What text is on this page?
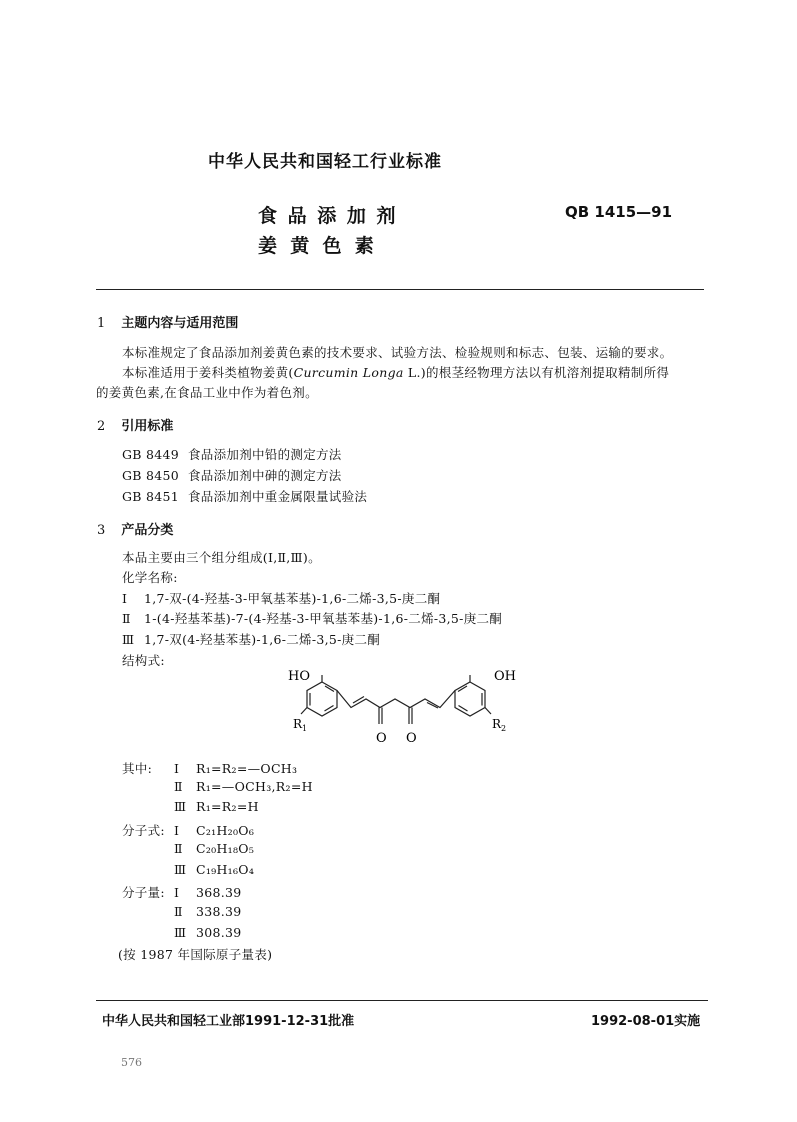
中华人民共和国轻工行业标准
食 品 添 加 剂
姜  黄  色  素
QB 1415—91
1 主题内容与适用范围
本标准规定了食品添加剂姜黄色素的技术要求、试验方法、检验规则和标志、包装、运输的要求。
本标准适用于姜科类植物姜黄(Curcumin Longa L.)的根茎经物理方法以有机溶剂提取精制所得
的姜黄色素,在食品工业中作为着色剂。
2 引用标准
GB 8449 食品添加剂中铅的测定方法
GB 8450 食品添加剂中砷的测定方法
GB 8451 食品添加剂中重金属限量试验法
3 产品分类
本品主要由三个组分组成(Ⅰ,Ⅱ,Ⅲ)。
化学名称:
Ⅰ 1,7-双-(4-羟基-3-甲氧基苯基)-1,6-二烯-3,5-庚二酮
Ⅱ 1-(4-羟基苯基)-7-(4-羟基-3-甲氧基苯基)-1,6-二烯-3,5-庚二酮
Ⅲ 1,7-双(4-羟基苯基)-1,6-二烯-3,5-庚二酮
结构式:
HO	OH
$R_1$	$R_2$
O O
其中: Ⅰ R₁=R₂=—OCH₃
Ⅱ R₁=—OCH₃,R₂=H
Ⅲ R₁=R₂=H
分子式: Ⅰ C₂₁H₂₀O₆
Ⅱ C₂₀H₁₈O₅
Ⅲ C₁₉H₁₆O₄
分子量: Ⅰ 368.39
Ⅱ 338.39
Ⅲ 308.39
(按 1987 年国际原子量表)
中华人民共和国轻工业部1991-12-31批准	1992-08-01实施
576
